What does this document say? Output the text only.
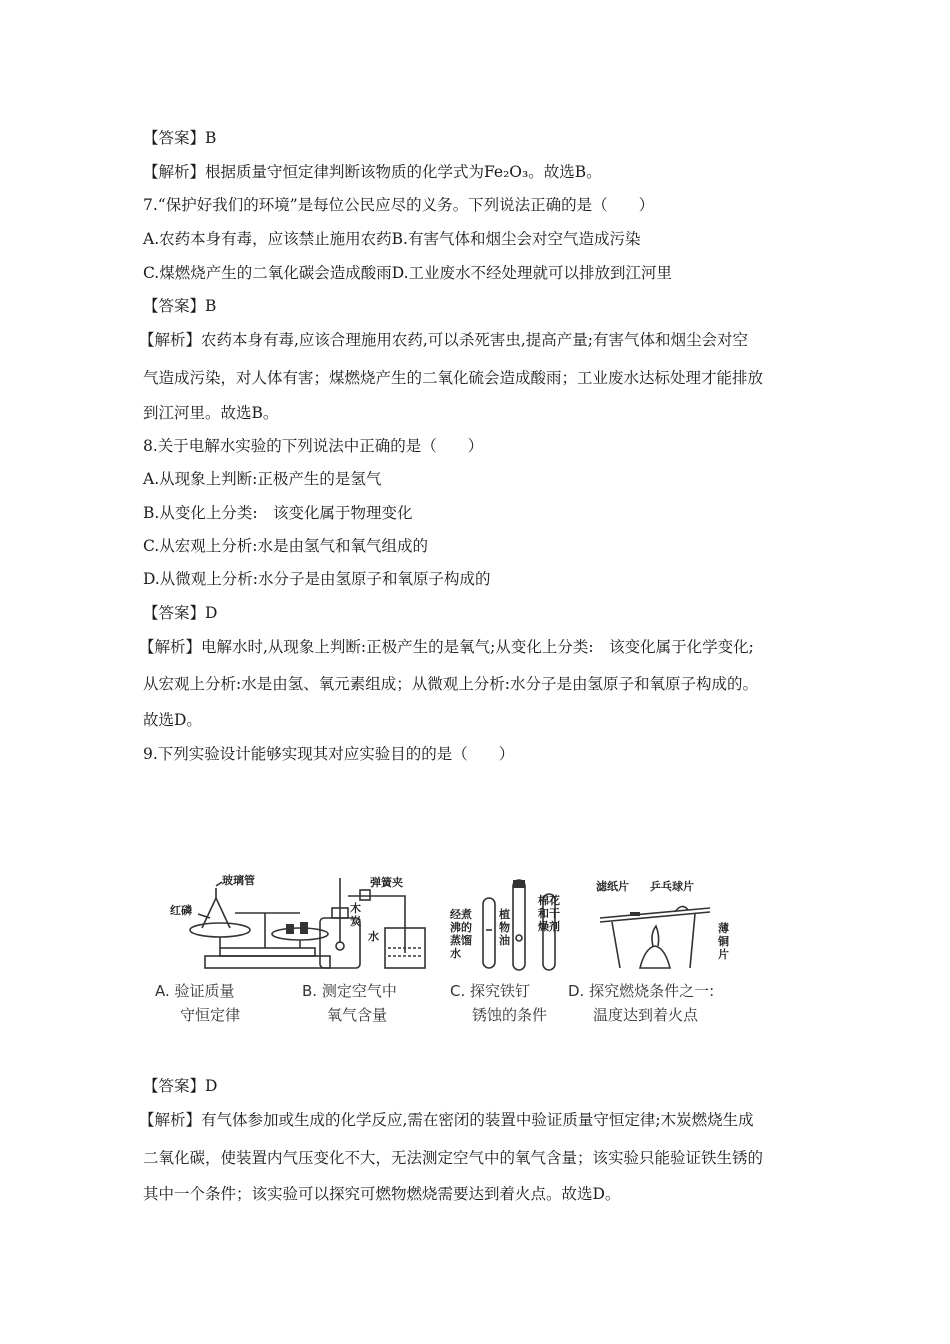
【答案】B
【解析】根据质量守恒定律判断该物质的化学式为Fe₂O₃。故选B。
7.“保护好我们的环境”是每位公民应尽的义务。下列说法正确的是（　　）
A.农药本身有毒，应该禁止施用农药B.有害气体和烟尘会对空气造成污染
C.煤燃烧产生的二氧化碳会造成酸雨D.工业废水不经处理就可以排放到江河里
【答案】B
【解析】农药本身有毒,应该合理施用农药,可以杀死害虫,提高产量;有害气体和烟尘会对空
气造成污染，对人体有害；煤燃烧产生的二氧化硫会造成酸雨；工业废水达标处理才能排放
到江河里。故选B。
8.关于电解水实验的下列说法中正确的是（　　）
A.从现象上判断:正极产生的是氢气
B.从变化上分类:　该变化属于物理变化
C.从宏观上分析:水是由氢气和氧气组成的
D.从微观上分析:水分子是由氢原子和氧原子构成的
【答案】D
【解析】电解水时,从现象上判断:正极产生的是氧气;从变化上分类:　该变化属于化学变化;
从宏观上分析:水是由氢、氧元素组成；从微观上分析:水分子是由氢原子和氧原子构成的。
故选D。
9.下列实验设计能够实现其对应实验目的的是（　　）
玻璃管
红磷
弹簧夹
木
炭
水
经煮
沸的
蒸馏
水
植
物
油
棉花
和干
燥剂
滤纸片 乒乓球片
薄
铜
片
A. 验证质量
守恒定律
B. 测定空气中
氧气含量
C. 探究铁钉
锈蚀的条件
D. 探究燃烧条件之一:
温度达到着火点
【答案】D
【解析】有气体参加或生成的化学反应,需在密闭的装置中验证质量守恒定律;木炭燃烧生成
二氧化碳，使装置内气压变化不大，无法测定空气中的氧气含量；该实验只能验证铁生锈的
其中一个条件；该实验可以探究可燃物燃烧需要达到着火点。故选D。
